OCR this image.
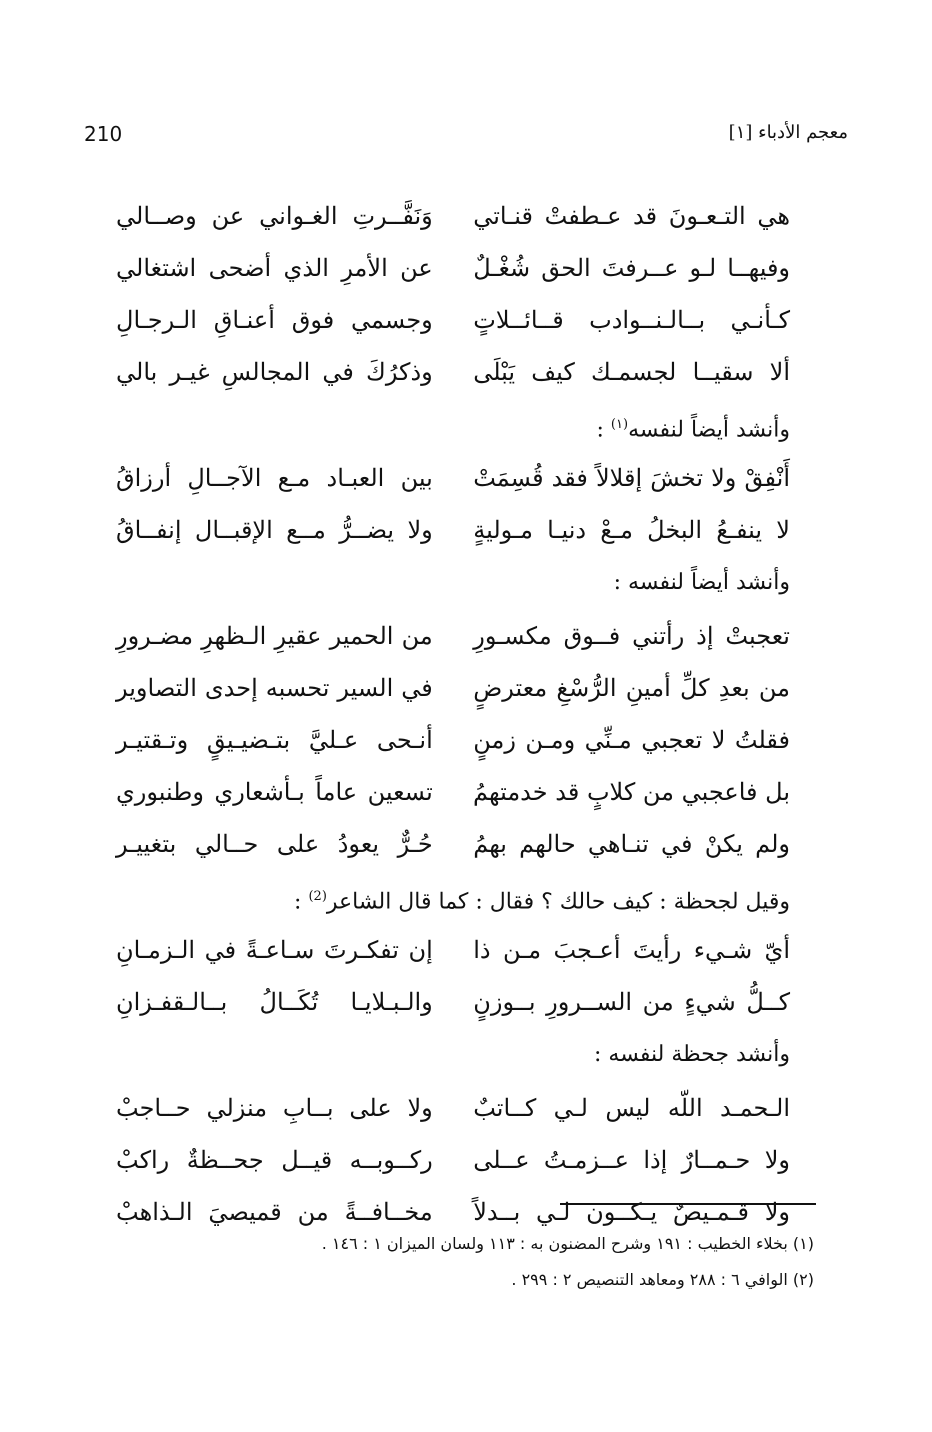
210	معجم الأدباء [١]
هي التـعـونَ قد عـطفتْ قنـاتي
وَنَفَّــرتِ الغـواني عن وصــالي
وفيهــا لـو عــرفتَ الحق شُغْـلٌ
عن الأمرِ الذي أضحى اشتغالي
كـأنـي بــالـنــوادب قــائــلاتٍ
وجسمي فوق أعنـاقِ الـرجـالِ
ألا سقيــا لجسمـك كيف يَبْلَى
وذكرُكَ في المجالسِ غيـر بالي
وأنشد أيضاً لنفسه$^{(١)}$ :
أَنْفِقْ ولا تخشَ إقلالاً فقد قُسِمَتْ
بين العبـاد مـع الآجــالِ أرزاقُ
لا ينفـعُ البخلُ مـعْ دنيـا مـوليةٍ
ولا يضــرُّ مــع الإقبــال إنفــاقُ
وأنشد أيضاً لنفسه :
تعجبتْ إذ رأتني فــوق مكسـورِ
من الحمير عقيرِ الـظهرِ مضـرورِ
من بعدِ كلِّ أمينِ الرُّسْغِ معترضٍ
في السير تحسبه إحدى التصاوير
فقلتُ لا تعجبي مـنِّي ومـن زمنٍ
أنـحى عـليَّ بتـضيـيقٍ وتـقتيـر
بل فاعجبي من كلابٍ قد خدمتهمُ
تسعين عاماً بـأشعاري وطنبوري
ولم يكنْ في تنـاهي حالهم بهمُ
حُـرٌّ يعودُ على حــالي بتغييـر
وقيل لجحظة : كيف حالك ؟ فقال : كما قال الشاعر$^{(2)}$ :
أيّ شـيء رأيتَ أعـجبَ مـن ذا
إن تفكـرتَ سـاعـةً في الـزمـانِ
كــلُّ شيءٍ من الســرورِ بــوزنٍ
والـبـلايـا تُكَــالُ بــالـقفـزانِ
وأنشد جحظة لنفسه :
الـحمـد اللّه ليس لـي كــاتبٌ
ولا على بــابِ منزلي حــاجبْ
ولا حـمــارٌ إذا عــزمـتُ عــلى
ركــوبــه قيــل جحــظةٌ راكبْ
ولا قـمـيصٌ يـكــون لـي بــدلاً
مخــافــةً من قميصيَ الـذاهبْ
(١) بخلاء الخطيب : ١٩١ وشرح المضنون به : ١١٣ ولسان الميزان ١ : ١٤٦ .
(٢) الوافي ٦ : ٢٨٨ ومعاهد التنصيص ٢ : ٢٩٩ .
